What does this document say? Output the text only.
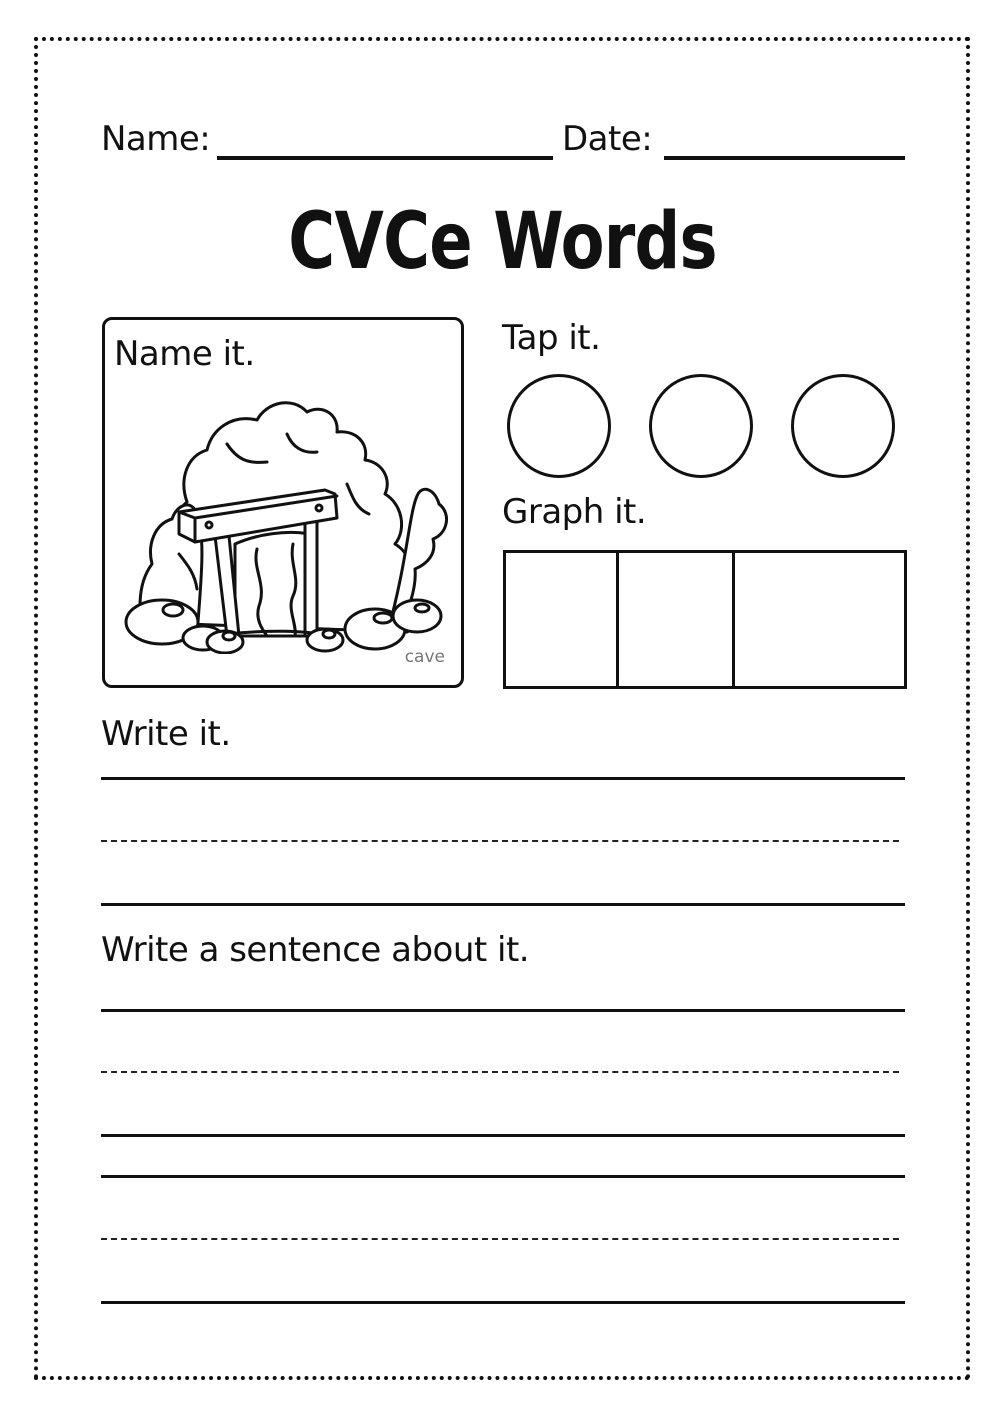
Name:	Date:
CVCe Words
Name it.
cave
Tap it.
Graph it.
Write it.
Write a sentence about it.
